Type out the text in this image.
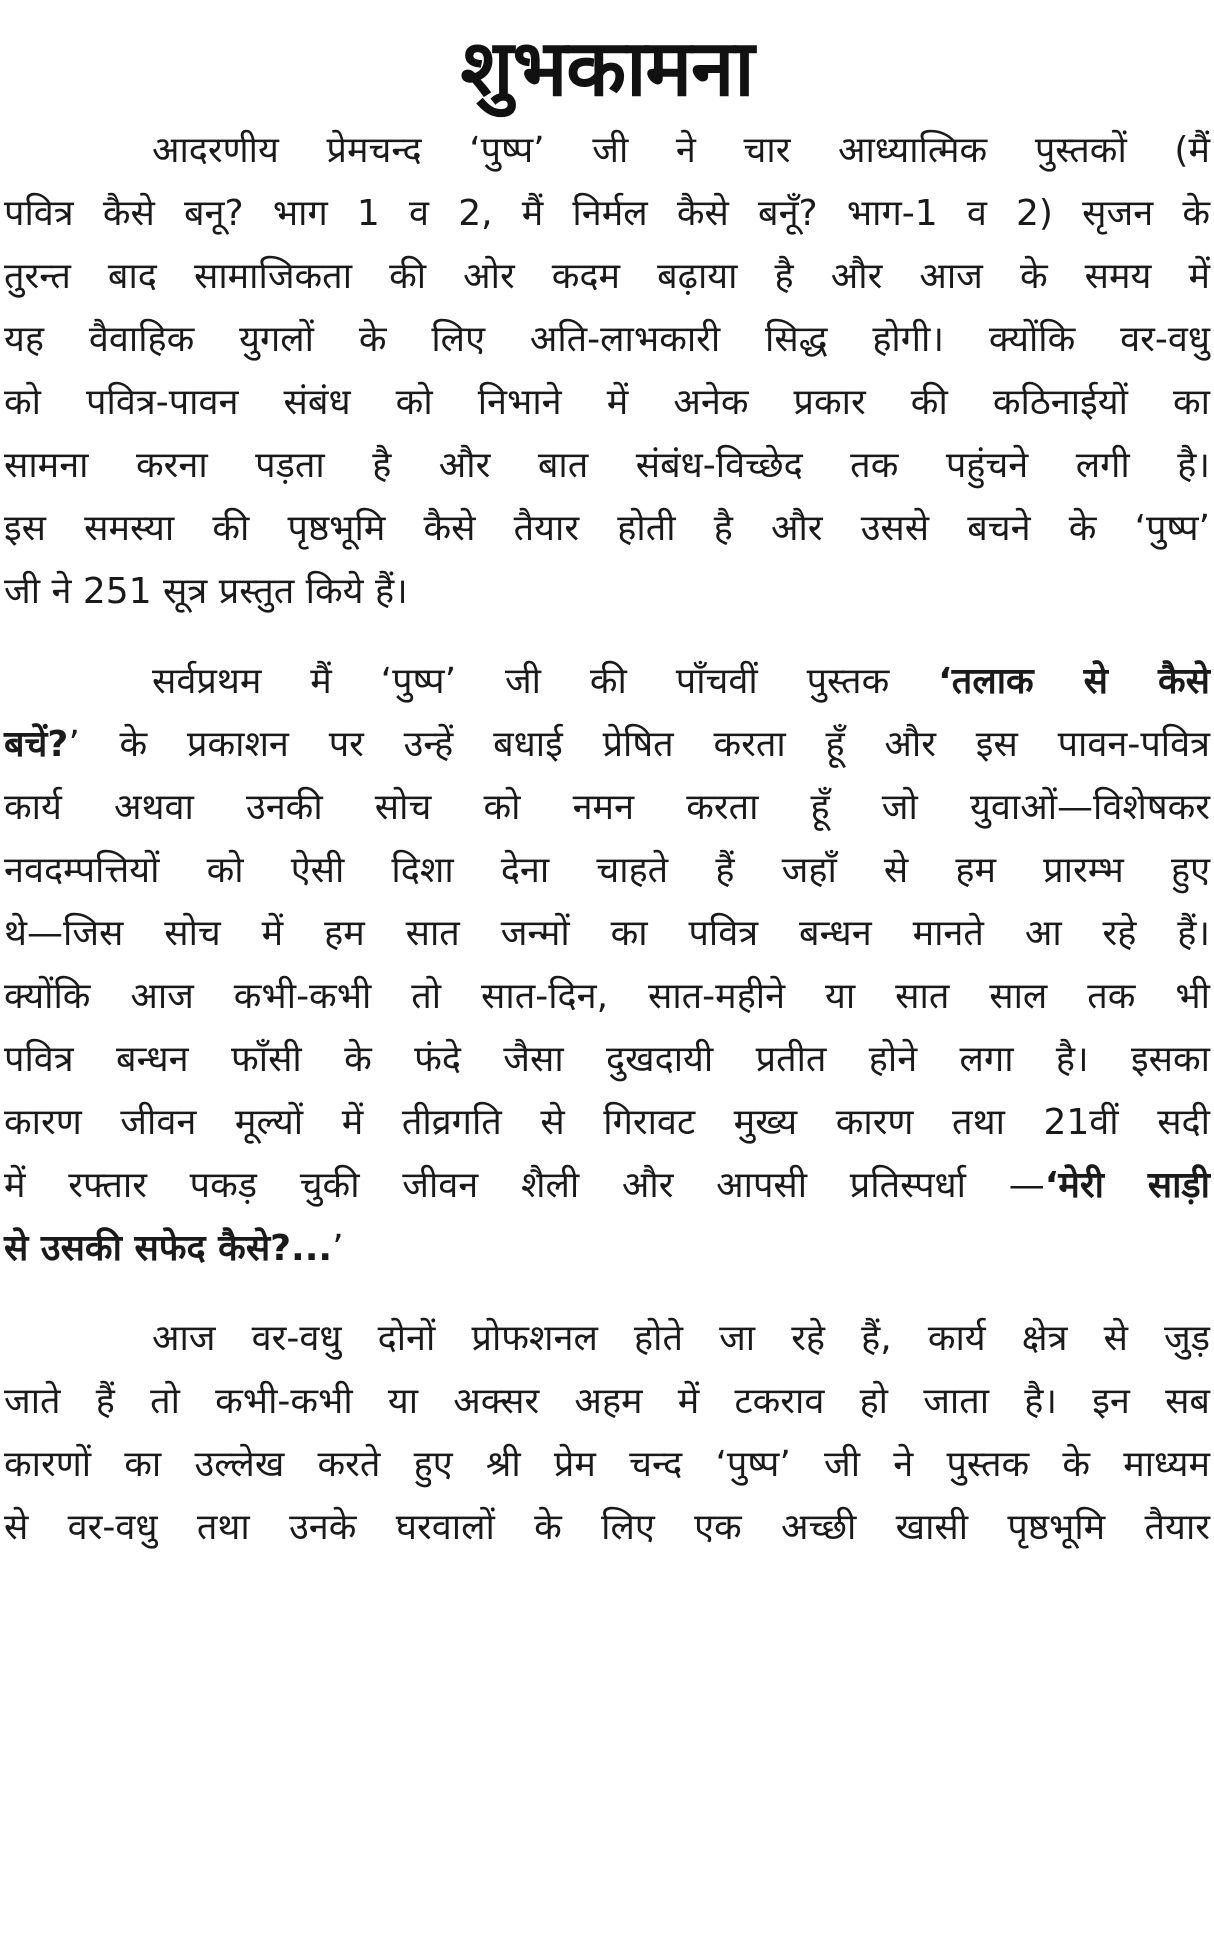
शुभकामना
आदरणीय प्रेमचन्द ‘पुष्प’ जी ने चार आध्यात्मिक पुस्तकों (मैं
पवित्र कैसे बनू? भाग 1 व 2, मैं निर्मल कैसे बनूँ? भाग-1 व 2) सृजन के
तुरन्त बाद सामाजिकता की ओर कदम बढ़ाया है और आज के समय में
यह वैवाहिक युगलों के लिए अति-लाभकारी सिद्ध होगी। क्योंकि वर-वधु
को पवित्र-पावन संबंध को निभाने में अनेक प्रकार की कठिनाईयों का
सामना करना पड़ता है और बात संबंध-विच्छेद तक पहुंचने लगी है।
इस समस्या की पृष्ठभूमि कैसे तैयार होती है और उससे बचने के ‘पुष्प’
जी ने 251 सूत्र प्रस्तुत किये हैं।
सर्वप्रथम मैं ‘पुष्प’ जी की पाँचवीं पुस्तक ‘तलाक से कैसे
बचें?’ के प्रकाशन पर उन्हें बधाई प्रेषित करता हूँ और इस पावन-पवित्र
कार्य अथवा उनकी सोच को नमन करता हूँ जो युवाओं—विशेषकर
नवदम्पत्तियों को ऐसी दिशा देना चाहते हैं जहाँ से हम प्रारम्भ हुए
थे—जिस सोच में हम सात जन्मों का पवित्र बन्धन मानते आ रहे हैं।
क्योंकि आज कभी-कभी तो सात-दिन, सात-महीने या सात साल तक भी
पवित्र बन्धन फाँसी के फंदे जैसा दुखदायी प्रतीत होने लगा है। इसका
कारण जीवन मूल्यों में तीव्रगति से गिरावट मुख्य कारण तथा 21वीं सदी
में रफ्तार पकड़ चुकी जीवन शैली और आपसी प्रतिस्पर्धा —‘मेरी साड़ी
से उसकी सफेद कैसे?...’
आज वर-वधु दोनों प्रोफशनल होते जा रहे हैं, कार्य क्षेत्र से जुड़
जाते हैं तो कभी-कभी या अक्सर अहम में टकराव हो जाता है। इन सब
कारणों का उल्लेख करते हुए श्री प्रेम चन्द ‘पुष्प’ जी ने पुस्तक के माध्यम
से वर-वधु तथा उनके घरवालों के लिए एक अच्छी खासी पृष्ठभूमि तैयार
